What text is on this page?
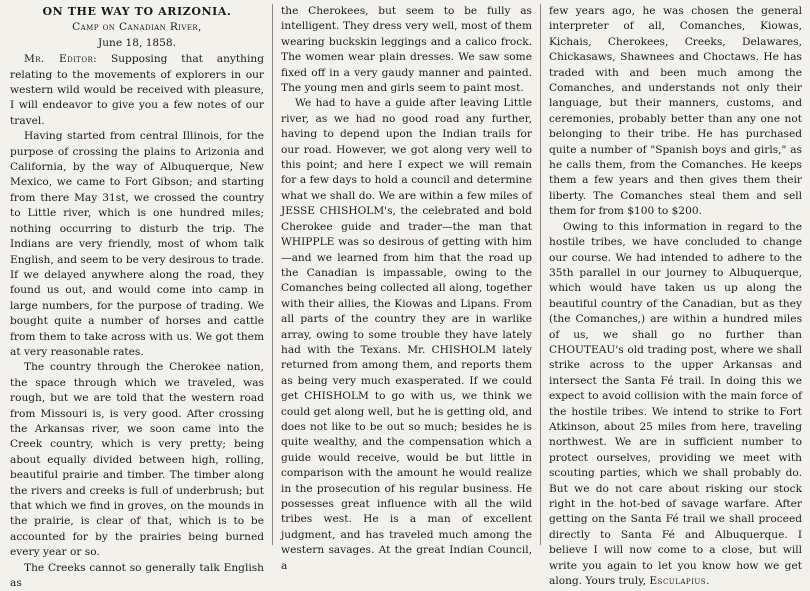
ON THE WAY TO ARIZONIA.
Camp on Canadian River,
June 18, 1858.

Mr. Editor: Supposing that anything relating to the movements of explorers in our western wild would be received with pleasure, I will endeavor to give you a few notes of our travel.

Having started from central Illinois, for the purpose of crossing the plains to Arizonia and California, by the way of Albuquerque, New Mexico, we came to Fort Gibson; and starting from there May 31st, we crossed the country to Little river, which is one hundred miles; nothing occurring to disturb the trip. The Indians are very friendly, most of whom talk English, and seem to be very desirous to trade. If we delayed anywhere along the road, they found us out, and would come into camp in large numbers, for the purpose of trading. We bought quite a number of horses and cattle from them to take across with us. We got them at very reasonable rates.

The country through the Cherokee nation, the space through which we traveled, was rough, but we are told that the western road from Missouri is, is very good. After crossing the Arkansas river, we soon came into the Creek country, which is very pretty; being about equally divided between high, rolling, beautiful prairie and timber. The timber along the rivers and creeks is full of underbrush; but that which we find in groves, on the mounds in the prairie, is clear of that, which is to be accounted for by the prairies being burned every year or so.

The Creeks cannot so generally talk English as

the Cherokees, but seem to be fully as intelligent. They dress very well, most of them wearing buckskin leggings and a calico frock. The women wear plain dresses. We saw some fixed off in a very gaudy manner and painted. The young men and girls seem to paint most.

We had to have a guide after leaving Little river, as we had no good road any further, having to depend upon the Indian trails for our road. However, we got along very well to this point; and here I expect we will remain for a few days to hold a council and determine what we shall do. We are within a few miles of JESSE CHISHOLM's, the celebrated and bold Cherokee guide and trader—the man that WHIPPLE was so desirous of getting with him—and we learned from him that the road up the Canadian is impassable, owing to the Comanches being collected all along, together with their allies, the Kiowas and Lipans. From all parts of the country they are in warlike array, owing to some trouble they have lately had with the Texans. Mr. CHISHOLM lately returned from among them, and reports them as being very much exasperated. If we could get CHISHOLM to go with us, we think we could get along well, but he is getting old, and does not like to be out so much; besides he is quite wealthy, and the compensation which a guide would receive, would be but little in comparison with the amount he would realize in the prosecution of his regular business. He possesses great influence with all the wild tribes west. He is a man of excellent judgment, and has traveled much among the western savages. At the great Indian Council, a

few years ago, he was chosen the general interpreter of all, Comanches, Kiowas, Kichais, Cherokees, Creeks, Delawares, Chickasaws, Shawnees and Choctaws. He has traded with and been much among the Comanches, and understands not only their language, but their manners, customs, and ceremonies, probably better than any one not belonging to their tribe. He has purchased quite a number of "Spanish boys and girls," as he calls them, from the Comanches. He keeps them a few years and then gives them their liberty. The Comanches steal them and sell them for from $100 to $200.

Owing to this information in regard to the hostile tribes, we have concluded to change our course. We had intended to adhere to the 35th parallel in our journey to Albuquerque, which would have taken us up along the beautiful country of the Canadian, but as they (the Comanches,) are within a hundred miles of us, we shall go no further than CHOUTEAU's old trading post, where we shall strike across to the upper Arkansas and intersect the Santa Fé trail. In doing this we expect to avoid collision with the main force of the hostile tribes. We intend to strike to Fort Atkinson, about 25 miles from here, traveling northwest. We are in sufficient number to protect ourselves, providing we meet with scouting parties, which we shall probably do. But we do not care about risking our stock right in the hot-bed of savage warfare. After getting on the Santa Fé trail we shall proceed directly to Santa Fé and Albuquerque. I believe I will now come to a close, but will write you again to let you know how we get along. Yours truly, Esculapius.
